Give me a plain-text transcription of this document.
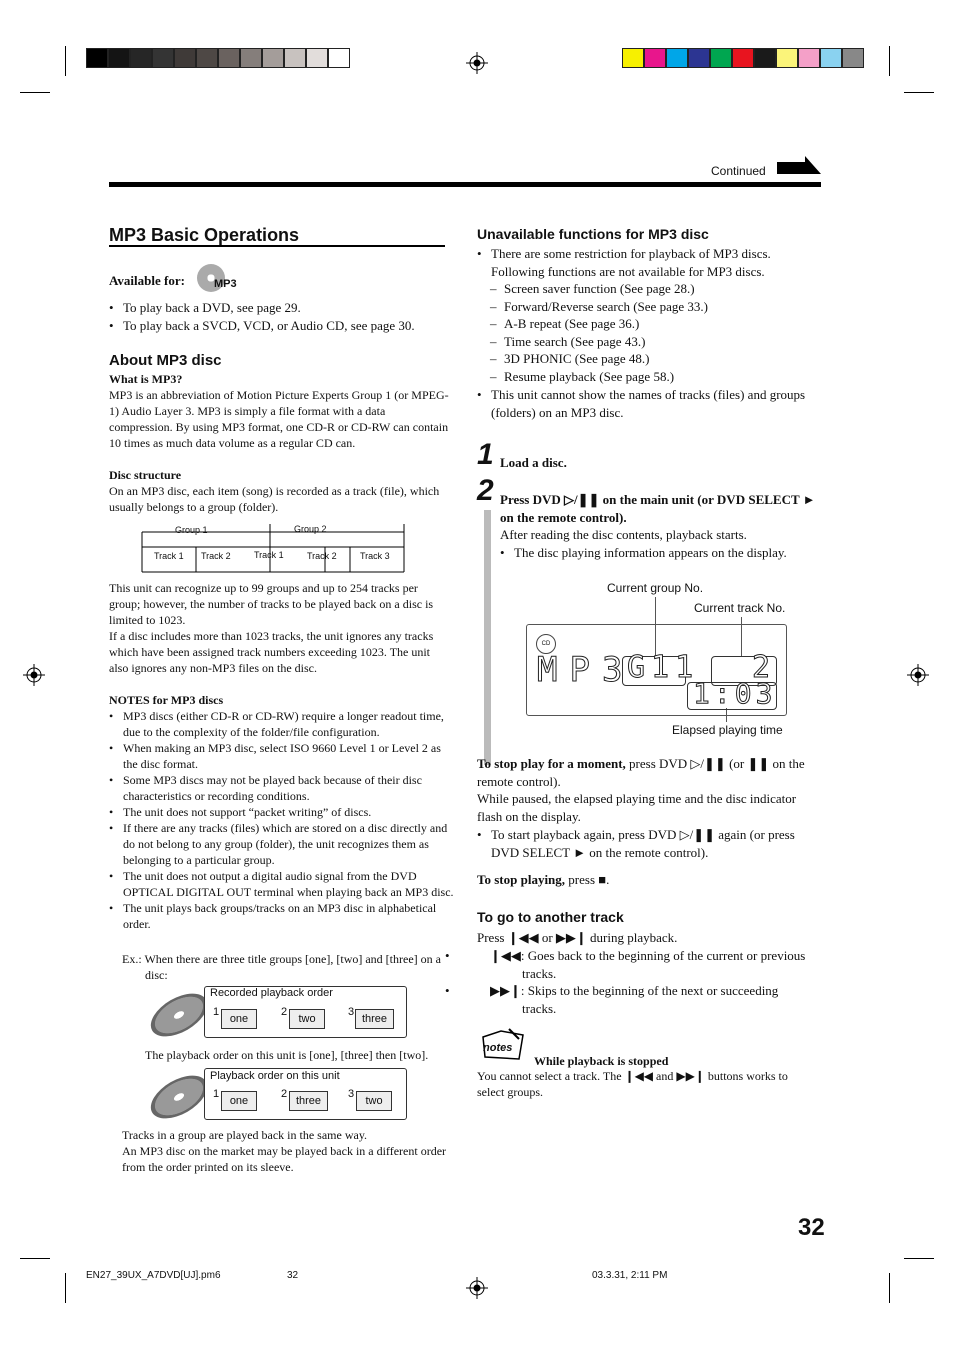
Continued
MP3 Basic Operations
Available for:	MP3
• To play back a DVD, see page 29.
• To play back a SVCD, VCD, or Audio CD, see page 30.
About MP3 disc
What is MP3?
MP3 is an abbreviation of Motion Picture Experts Group 1 (or MPEG-1) Audio Layer 3. MP3 is simply a file format with a data compression. By using MP3 format, one CD-R or CD-RW can contain 10 times as much data volume as a regular CD can.
Disc structure
On an MP3 disc, each item (song) is recorded as a track (file), which usually belongs to a group (folder).
Group 1	Group 2
Track 1 Track 2	Track 1	Track 2	Track 3
This unit can recognize up to 99 groups and up to 254 tracks per group; however, the number of tracks to be played back on a disc is limited to 1023.
If a disc includes more than 1023 tracks, the unit ignores any tracks which have been assigned track numbers exceeding 1023. The unit also ignores any non-MP3 files on the disc.
NOTES for MP3 discs
• MP3 discs (either CD-R or CD-RW) require a longer readout time, due to the complexity of the folder/file configuration.
• When making an MP3 disc, select ISO 9660 Level 1 or Level 2 as the disc format.
• Some MP3 discs may not be played back because of their disc characteristics or recording conditions.
• The unit does not support “packet writing” of discs.
• If there are any tracks (files) which are stored on a disc directly and do not belong to any group (folder), the unit recognizes them as belonging to a particular group.
• The unit does not output a digital audio signal from the DVD OPTICAL DIGITAL OUT terminal when playing back an MP3 disc.
• The unit plays back groups/tracks on an MP3 disc in alphabetical order.
Ex.: When there are three title groups [one], [two] and [three] on a disc:
Recorded playback order
1	2	3
one	two	three
The playback order on this unit is [one], [three] then [two].
Playback order on this unit
1	2	3
one	three	two
Tracks in a group are played back in the same way.
An MP3 disc on the market may be played back in a different order from the order printed on its sleeve.
Unavailable functions for MP3 disc
• There are some restriction for playback of MP3 discs. Following functions are not available for MP3 discs.
– Screen saver function (See page 28.)
– Forward/Reverse search (See page 33.)
– A-B repeat (See page 36.)
– Time search (See page 43.)
– 3D PHONIC (See page 48.)
– Resume playback (See page 58.)
• This unit cannot show the names of tracks (files) and groups (folders) on an MP3 disc.
1 Load a disc.
2 Press DVD ▷/❚❚ on the main unit (or DVD SELECT ► on the remote control).
After reading the disc contents, playback starts.
• The disc playing information appears on the display.
Current group No.
Current track No.
CD
MP3
G11 2
1:03
Elapsed playing time
To stop play for a moment, press DVD ▷/❚❚ (or ❚❚ on the remote control).
While paused, the elapsed playing time and the disc indicator flash on the display.
• To start playback again, press DVD ▷/❚❚ again (or press DVD SELECT ► on the remote control).
To stop playing, press ■.
To go to another track
Press ❙◀◀ or ▶▶❙ during playback.
• ❙◀◀: Goes back to the beginning of the current or previous tracks.
• ▶▶❙: Skips to the beginning of the next or succeeding tracks.
notes
While playback is stopped
You cannot select a track. The ❙◀◀ and ▶▶❙ buttons works to select groups.
32
EN27_39UX_A7DVD[UJ].pm6	32	03.3.31, 2:11 PM
